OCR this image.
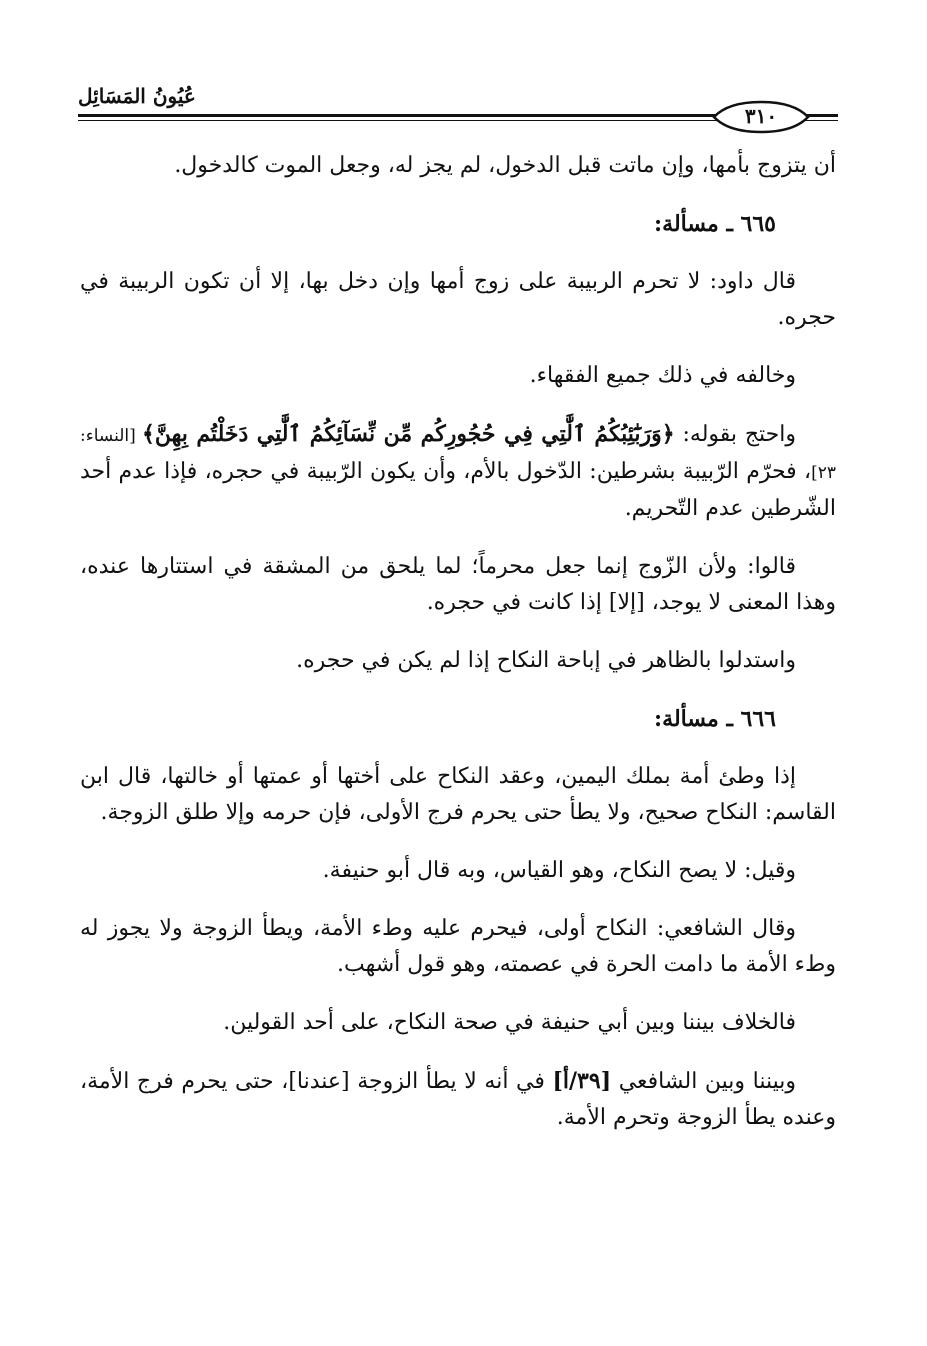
عُيُونُ المَسَائِل
٣١٠

أن يتزوج بأمها، وإن ماتت قبل الدخول، لم يجز له، وجعل الموت كالدخول.

٦٦٥ ـ مسألة:

قال داود: لا تحرم الربيبة على زوج أمها وإن دخل بها، إلا أن تكون الربيبة في حجره.

وخالفه في ذلك جميع الفقهاء.

واحتج بقوله: ﴿وَرَبَٰٓئِبُكُمُ ٱلَّٰتِي فِي حُجُورِكُم مِّن نِّسَآئِكُمُ ٱلَّٰتِي دَخَلْتُم بِهِنَّ﴾ [النساء: ٢٣]، فحرّم الرّبيبة بشرطين: الدّخول بالأم، وأن يكون الرّبيبة في حجره، فإذا عدم أحد الشّرطين عدم التّحريم.

قالوا: ولأن الزّوج إنما جعل محرماً؛ لما يلحق من المشقة في استتارها عنده، وهذا المعنى لا يوجد، [إلا] إذا كانت في حجره.

واستدلوا بالظاهر في إباحة النكاح إذا لم يكن في حجره.

٦٦٦ ـ مسألة:

إذا وطئ أمة بملك اليمين، وعقد النكاح على أختها أو عمتها أو خالتها، قال ابن القاسم: النكاح صحيح، ولا يطأ حتى يحرم فرج الأولى، فإن حرمه وإلا طلق الزوجة.

وقيل: لا يصح النكاح، وهو القياس، وبه قال أبو حنيفة.

وقال الشافعي: النكاح أولى، فيحرم عليه وطء الأمة، ويطأ الزوجة ولا يجوز له وطء الأمة ما دامت الحرة في عصمته، وهو قول أشهب.

فالخلاف بيننا وبين أبي حنيفة في صحة النكاح، على أحد القولين.

وبيننا وبين الشافعي [٣٩/أ] في أنه لا يطأ الزوجة [عندنا]، حتى يحرم فرج الأمة، وعنده يطأ الزوجة وتحرم الأمة.
